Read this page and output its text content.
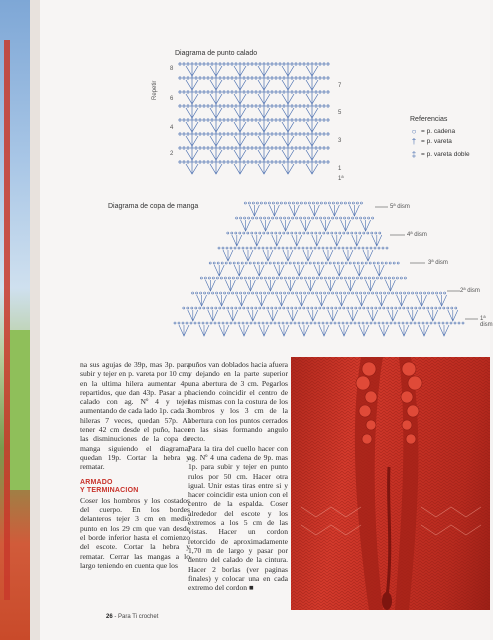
Diagrama de punto calado
Repetir
8
6
4
2
7
5
3
1
1ª
Referencias
○ = p. cadena
† = p. vareta
‡ = p. vareta doble
Diagrama de copa de manga	5ª dism
4ª dism
3ª dism
2ª dism
1ª dism

na sus agujas de 39p, mas 3p. para subir y tejer en p. vareta por 10 cm, en la ultima hilera aumentar 4p. repartidos, que dan 43p. Pasar a p. calado con ag. Nº 4 y tejer aumentando de cada lado 1p. cada 3 hileras 7 veces, quedan 57p. Al tener 42 cm desde el puño, hacer las disminuciones de la copa de manga siguiendo el diagrama, quedan 19p. Cortar la hebra y rematar.

ARMADO
Y TERMINACION

Coser los hombros y los costados del cuerpo. En los bordes delanteros tejer 3 cm en medio punto en los 29 cm que van desde el borde inferior hasta el comienzo del escote. Cortar la hebra y rematar. Cerrar las mangas a lo largo teniendo en cuenta que los

puños van doblados hacia afuera y dejando en la parte superior una abertura de 3 cm. Pegarlos haciendo coincidir el centro de las mismas con la costura de los hombros y los 3 cm de la abertura con los puntos cerrados en las sisas formando angulo recto.

Para la tira del cuello hacer con ag. Nº 4 una cadena de 9p. mas 1p. para subir y tejer en punto rulos por 50 cm. Hacer otra igual. Unir estas tiras entre si y hacer coincidir esta union con el centro de la espalda. Coser alrededor del escote y los extremos a los 5 cm de las vistas. Hacer un cordon retorcido de aproximadamente 1,70 m de largo y pasar por dentro del calado de la cintura. Hacer 2 borlas (ver paginas finales) y colocar una en cada extremo del cordon ■

26 - Para Ti crochet
